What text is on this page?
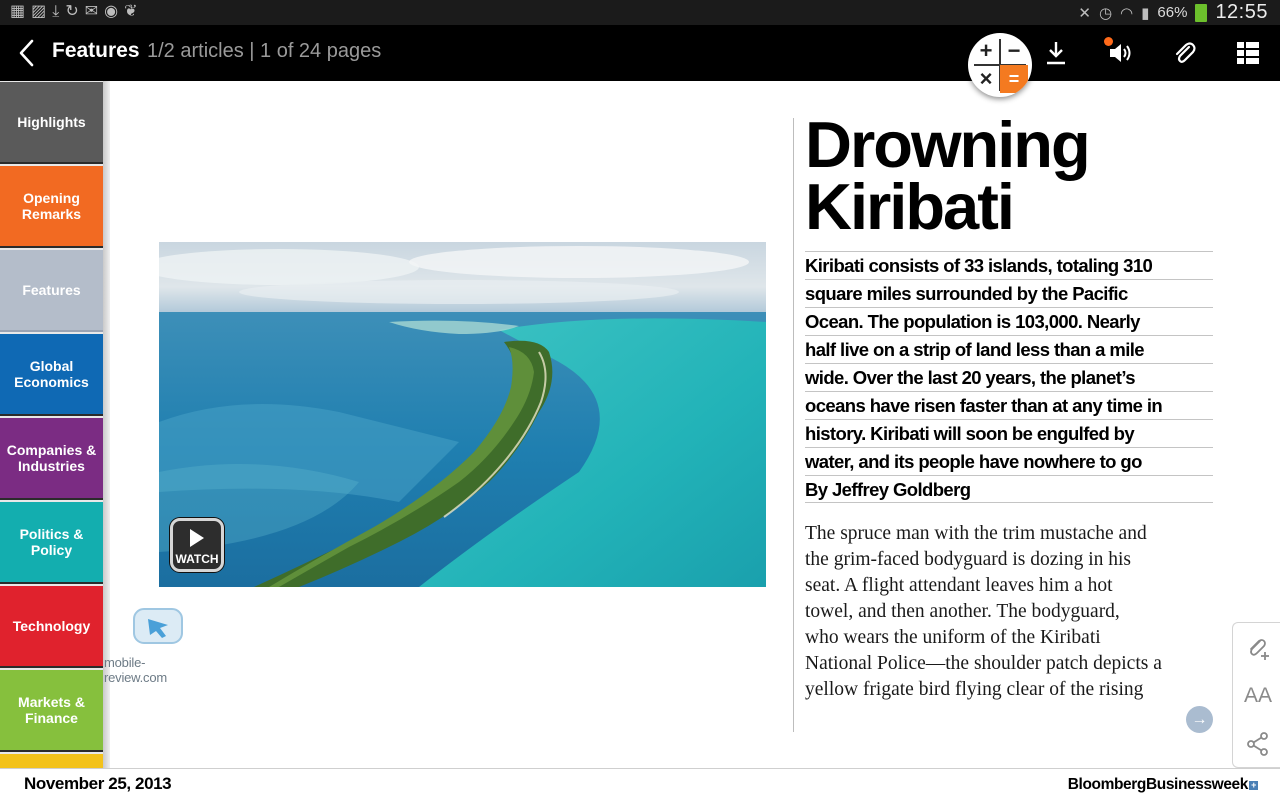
▦ ▨ ⤓ ↻ ✉ ◉ ❦	✕ ◷ ◠ ▮ 66% 12:55
Features 1/2 articles | 1 of 24 pages	+ −
× =
Highlights
Opening Remarks
Features
Global Economics
Companies & Industries
Politics & Policy
Technology
Markets & Finance
WATCH
mobile-review.com
Drowning
Kiribati
Kiribati consists of 33 islands, totaling 310
square miles surrounded by the Pacific
Ocean. The population is 103,000. Nearly
half live on a strip of land less than a mile
wide. Over the last 20 years, the planet’s
oceans have risen faster than at any time in
history. Kiribati will soon be engulfed by
water, and its people have nowhere to go
By Jeffrey Goldberg
The spruce man with the trim mustache and
the grim-faced bodyguard is dozing in his
seat. A flight attendant leaves him a hot
towel, and then another. The bodyguard,
who wears the uniform of the Kiribati
National Police—the shoulder patch depicts a
yellow frigate bird flying clear of the rising
→
AA
November 25, 2013	BloombergBusinessweek +
